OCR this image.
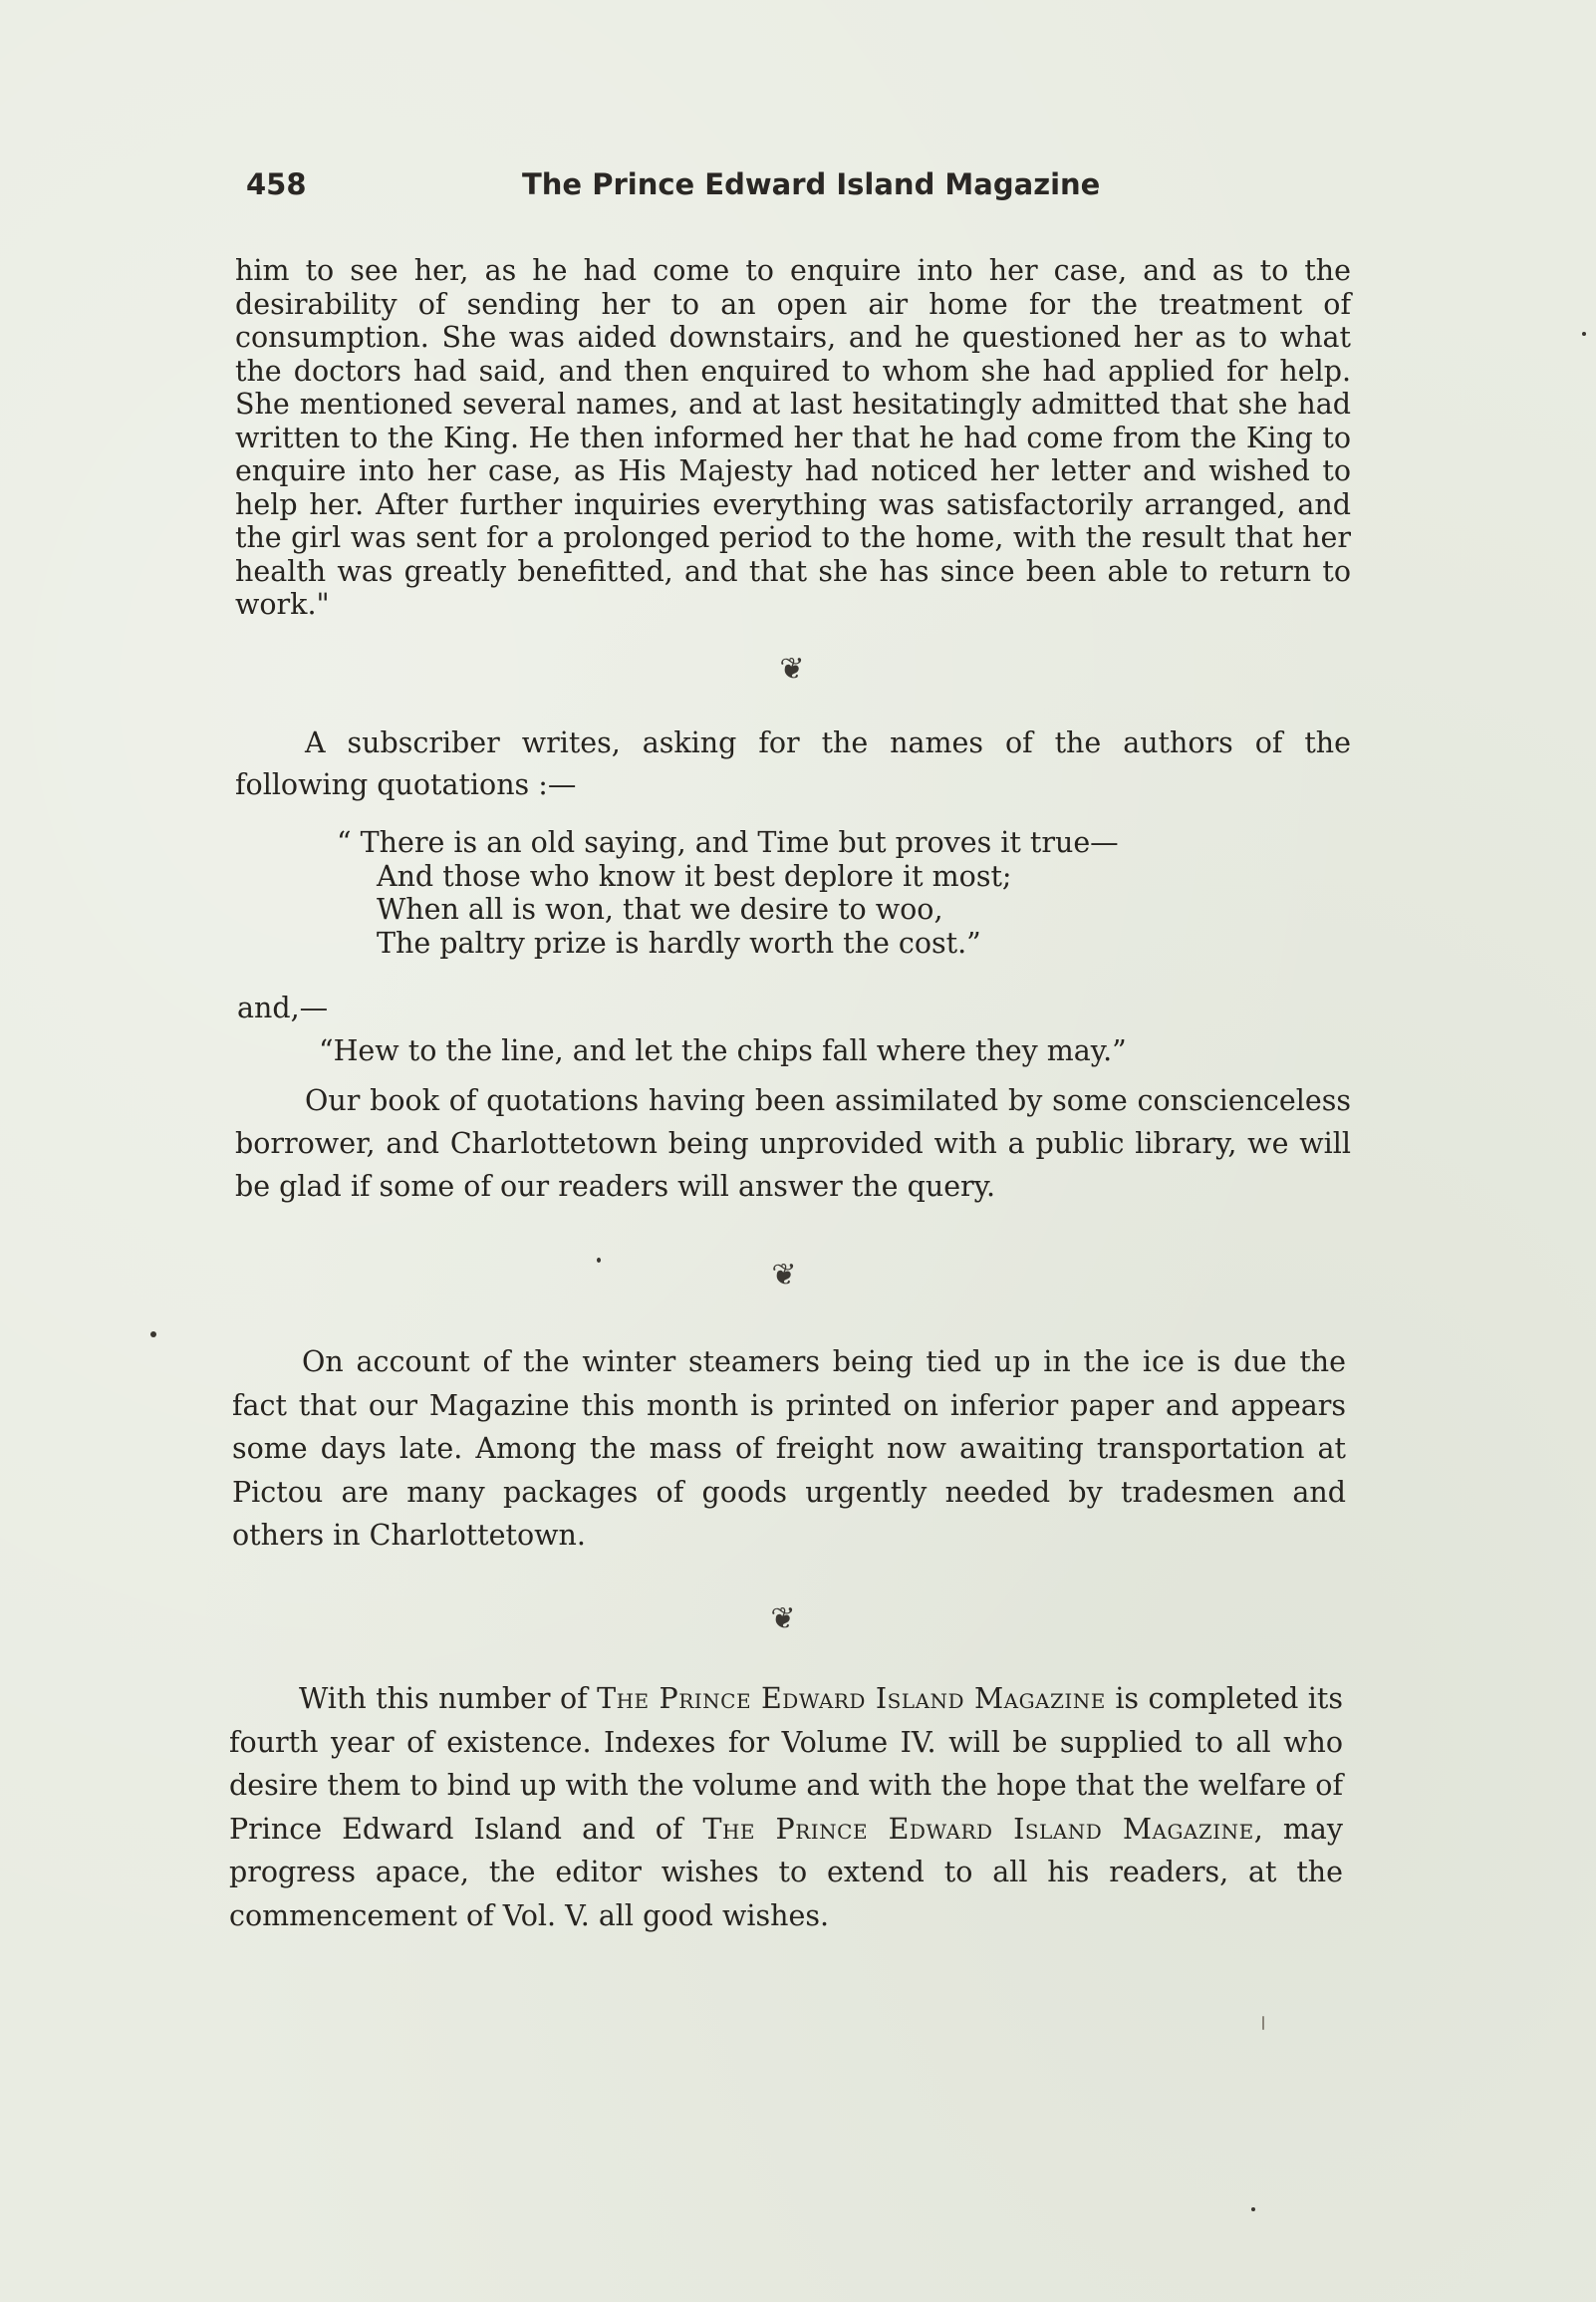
458	The Prince Edward Island Magazine
him to see her, as he had come to enquire into her case, and as to the desirability of sending her to an open air home for the treatment of consumption. She was aided downstairs, and he questioned her as to what the doctors had said, and then enquired to whom she had applied for help. She mentioned several names, and at last hesitatingly admitted that she had written to the King. He then informed her that he had come from the King to enquire into her case, as His Majesty had noticed her letter and wished to help her. After further inquiries everything was satisfactorily arranged, and the girl was sent for a prolonged period to the home, with the result that her health was greatly benefitted, and that she has since been able to return to work."
❦
A subscriber writes, asking for the names of the authors of the following quotations :—
“ There is an old saying, and Time but proves it true—
And those who know it best deplore it most;
When all is won, that we desire to woo,
The paltry prize is hardly worth the cost.”
and,—
“Hew to the line, and let the chips fall where they may.”
Our book of quotations having been assimilated by some conscienceless borrower, and Charlottetown being unprovided with a public library, we will be glad if some of our readers will answer the query.
❦
On account of the winter steamers being tied up in the ice is due the fact that our Magazine this month is printed on inferior paper and appears some days late. Among the mass of freight now awaiting transportation at Pictou are many packages of goods urgently needed by tradesmen and others in Charlottetown.
❦
With this number of The Prince Edward Island Magazine is completed its fourth year of existence. Indexes for Volume IV. will be supplied to all who desire them to bind up with the volume and with the hope that the welfare of Prince Edward Island and of The Prince Edward Island Magazine, may progress apace, the editor wishes to extend to all his readers, at the commencement of Vol. V. all good wishes.
